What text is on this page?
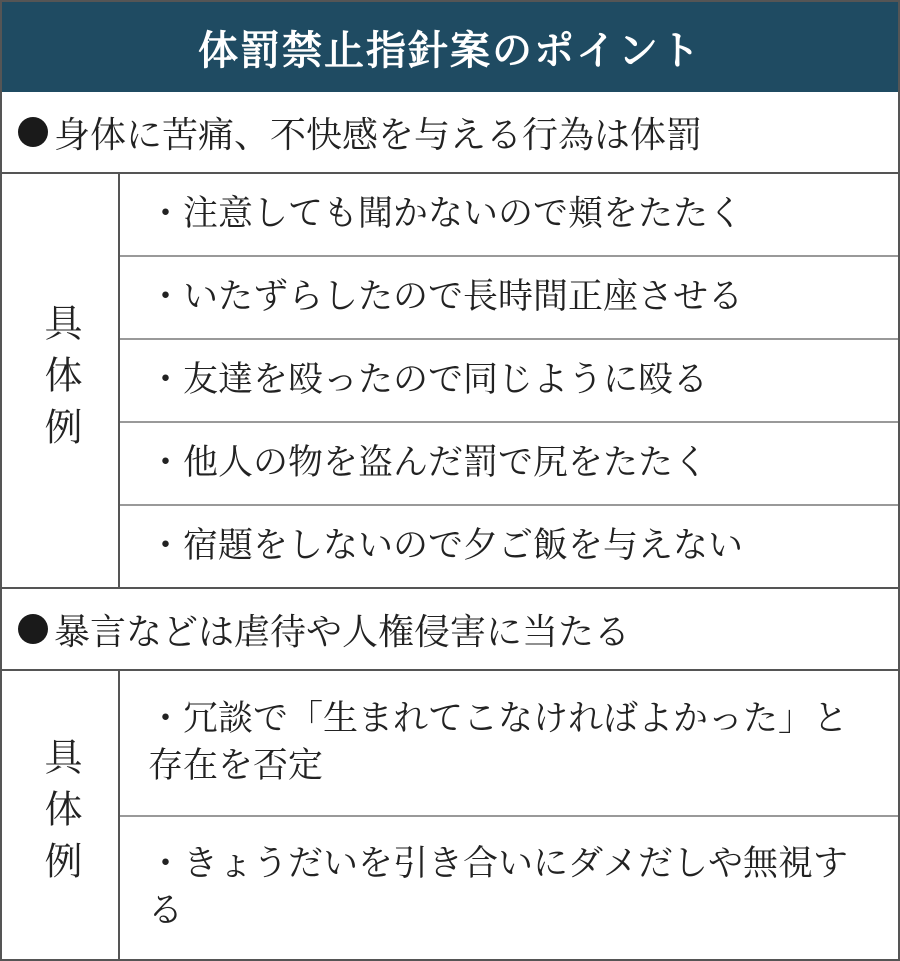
体罰禁止指針案のポイント
身体に苦痛、不快感を与える行為は体罰
具体例
・注意しても聞かないので頬をたたく
・いたずらしたので長時間正座させる
・友達を殴ったので同じように殴る
・他人の物を盗んだ罰で尻をたたく
・宿題をしないので夕ご飯を与えない
暴言などは虐待や人権侵害に当たる
具体例
・冗談で「生まれてこなければよかった」と存在を否定
・きょうだいを引き合いにダメだしや無視する
